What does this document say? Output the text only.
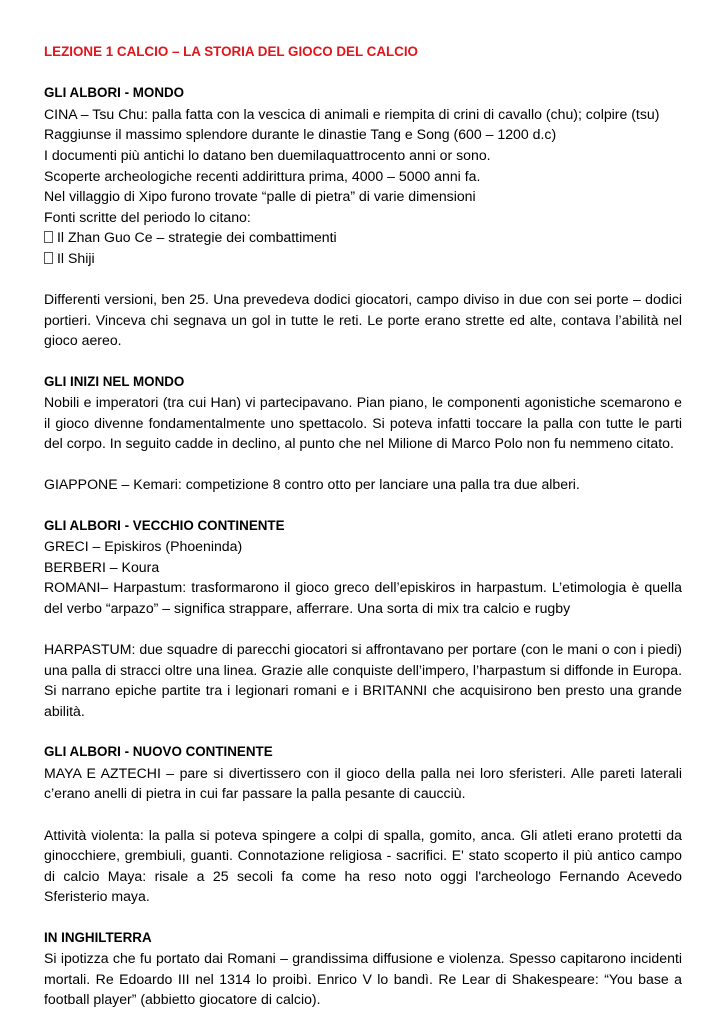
LEZIONE 1 CALCIO – LA STORIA DEL GIOCO DEL CALCIO
GLI ALBORI - MONDO
CINA – Tsu Chu: palla fatta con la vescica di animali e riempita di crini di cavallo (chu); colpire (tsu)
Raggiunse il massimo splendore durante le dinastie Tang e Song (600 – 1200 d.c)
I documenti più antichi lo datano ben duemilaquattrocento anni or sono.
Scoperte archeologiche recenti addirittura prima, 4000 – 5000 anni fa.
Nel villaggio di Xipo furono trovate “palle di pietra” di varie dimensioni
Fonti scritte del periodo lo citano:
Il Zhan Guo Ce – strategie dei combattimenti
Il Shiji
Differenti versioni, ben 25. Una prevedeva dodici giocatori, campo diviso in due con sei porte – dodici portieri. Vinceva chi segnava un gol in tutte le reti. Le porte erano strette ed alte, contava l’abilità nel gioco aereo.
GLI INIZI NEL MONDO
Nobili e imperatori (tra cui Han) vi partecipavano. Pian piano, le componenti agonistiche scemarono e il gioco divenne fondamentalmente uno spettacolo. Si poteva infatti toccare la palla con tutte le parti del corpo. In seguito cadde in declino, al punto che nel Milione di Marco Polo non fu nemmeno citato.
GIAPPONE – Kemari: competizione 8 contro otto per lanciare una palla tra due alberi.
GLI ALBORI - VECCHIO CONTINENTE
GRECI – Episkiros (Phoeninda)
BERBERI – Koura
ROMANI– Harpastum: trasformarono il gioco greco dell’episkiros in harpastum. L’etimologia è quella del verbo “arpazo” – significa strappare, afferrare. Una sorta di mix tra calcio e rugby
HARPASTUM: due squadre di parecchi giocatori si affrontavano per portare (con le mani o con i piedi) una palla di stracci oltre una linea. Grazie alle conquiste dell’impero, l’harpastum si diffonde in Europa. Si narrano epiche partite tra i legionari romani e i BRITANNI che acquisirono ben presto una grande abilità.
GLI ALBORI - NUOVO CONTINENTE
MAYA E AZTECHI – pare si divertissero con il gioco della palla nei loro sferisteri. Alle pareti laterali c’erano anelli di pietra in cui far passare la palla pesante di caucciù.
Attività violenta: la palla si poteva spingere a colpi di spalla, gomito, anca. Gli atleti erano protetti da ginocchiere, grembiuli, guanti. Connotazione religiosa - sacrifici. E' stato scoperto il più antico campo di calcio Maya: risale a 25 secoli fa come ha reso noto oggi l'archeologo Fernando Acevedo Sferisterio maya.
IN INGHILTERRA
Si ipotizza che fu portato dai Romani – grandissima diffusione e violenza. Spesso capitarono incidenti mortali. Re Edoardo III nel 1314 lo proibì. Enrico V lo bandì. Re Lear di Shakespeare: “You base a football player” (abbietto giocatore di calcio).
